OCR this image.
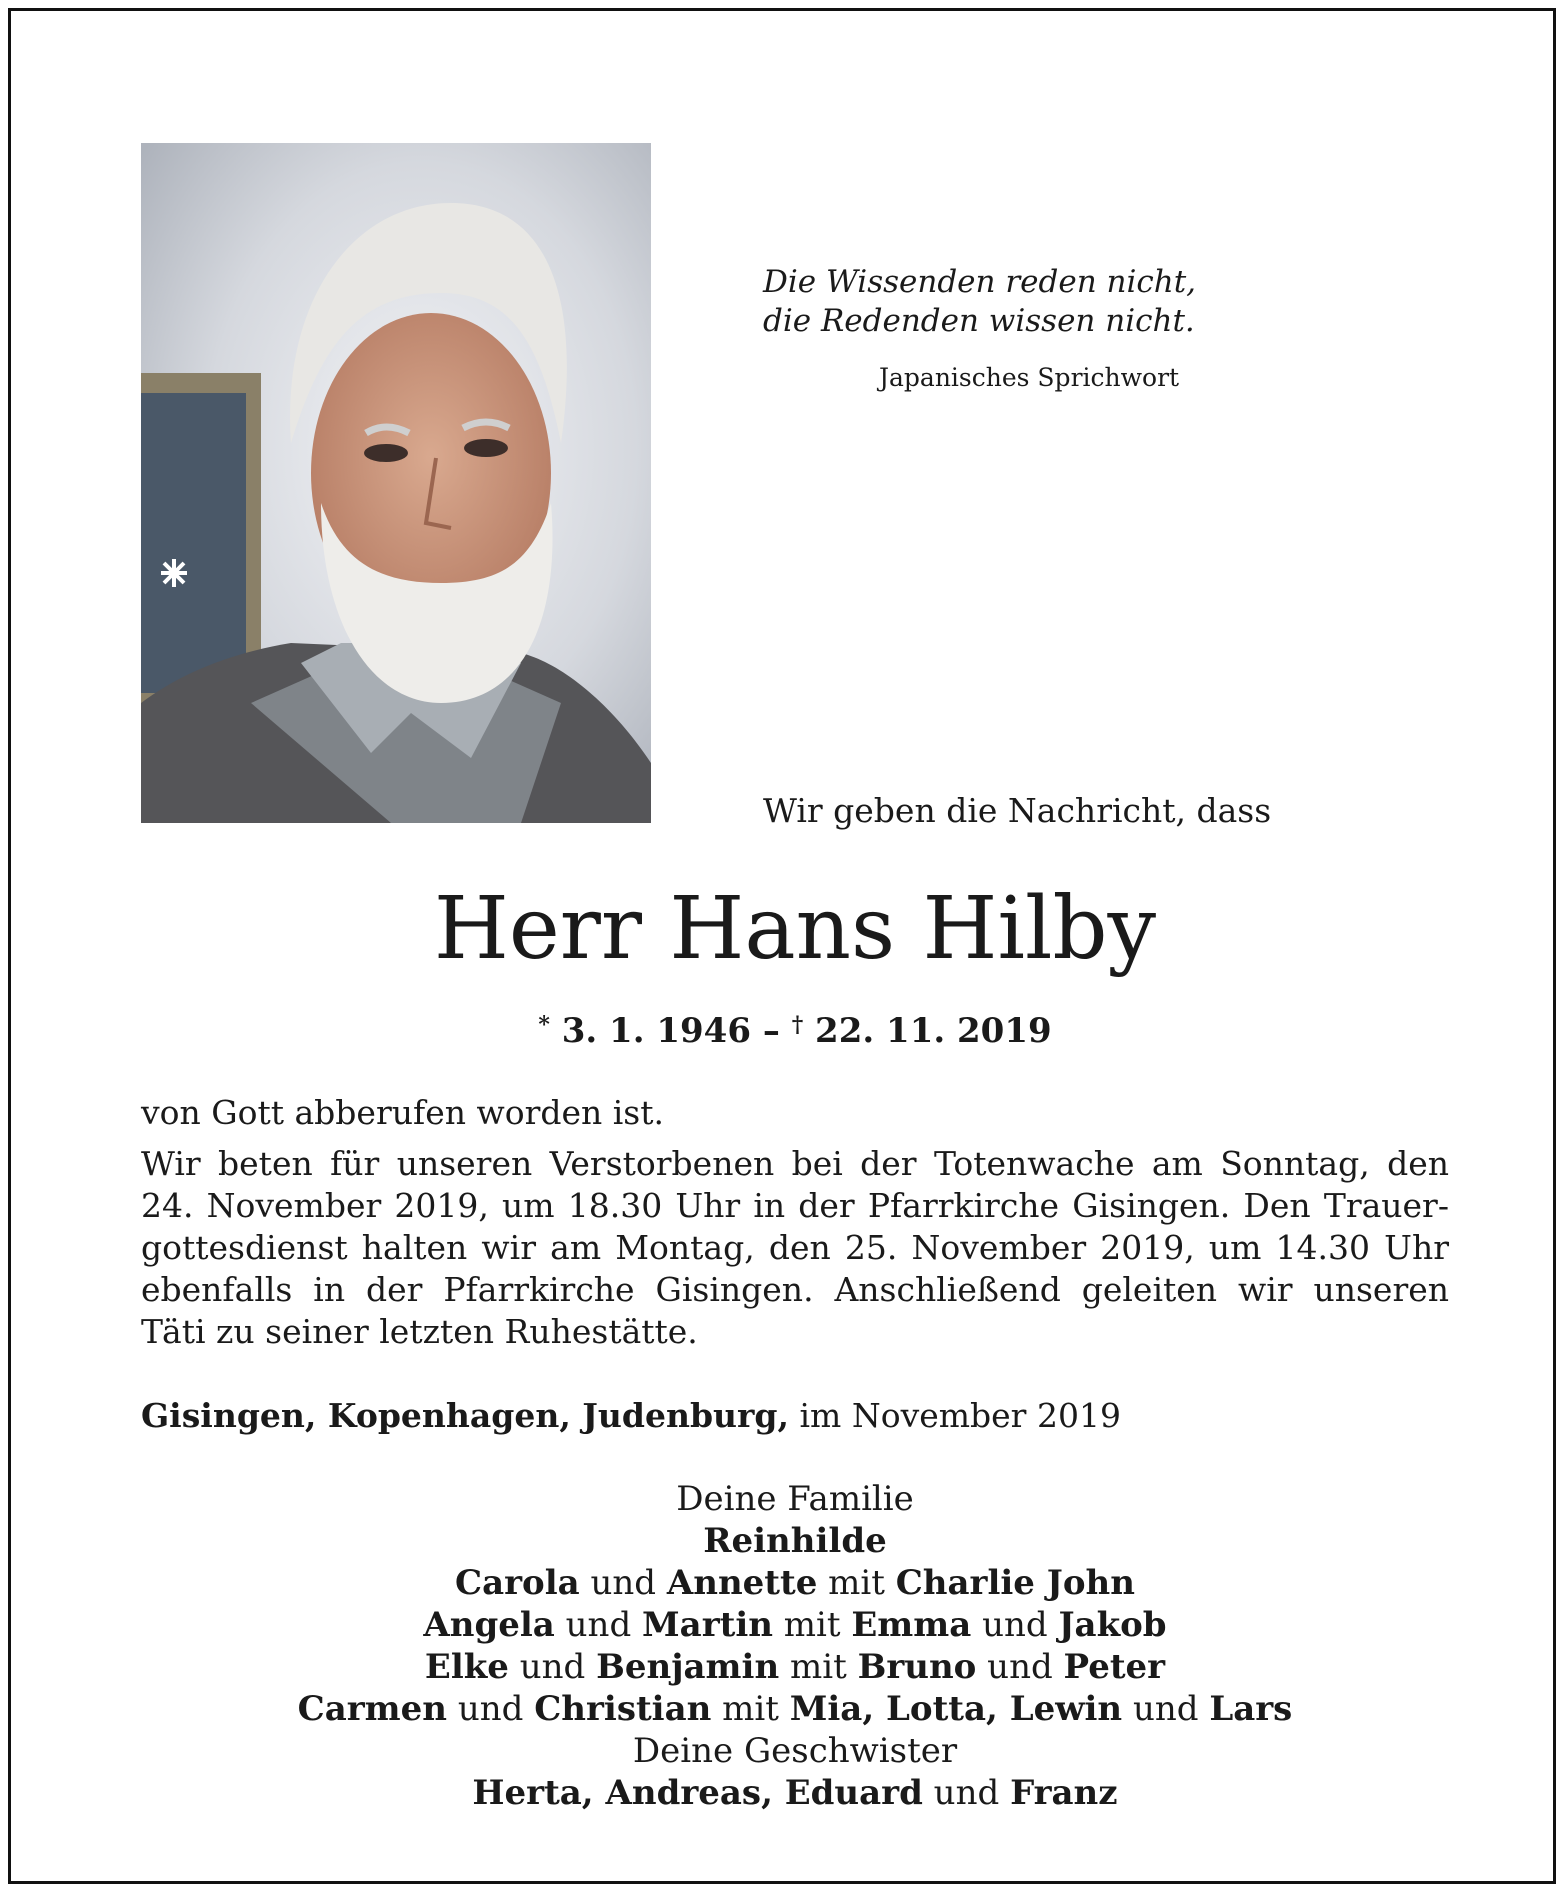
Die Wissenden reden nicht,
die Redenden wissen nicht.
Japanisches Sprichwort
Wir geben die Nachricht, dass
Herr Hans Hilby
* 3. 1. 1946 – † 22. 11. 2019
von Gott abberufen worden ist.
Wir beten für unseren Verstorbenen bei der Totenwache am Sonntag, den
24. November 2019, um 18.30 Uhr in der Pfarrkirche Gisingen. Den Trauer-
gottesdienst halten wir am Montag, den 25. November 2019, um 14.30 Uhr
ebenfalls in der Pfarrkirche Gisingen. Anschließend geleiten wir unseren
Täti zu seiner letzten Ruhestätte.
Gisingen, Kopenhagen, Judenburg, im November 2019
Deine Familie
Reinhilde
Carola und Annette mit Charlie John
Angela und Martin mit Emma und Jakob
Elke und Benjamin mit Bruno und Peter
Carmen und Christian mit Mia, Lotta, Lewin und Lars
Deine Geschwister
Herta, Andreas, Eduard und Franz
